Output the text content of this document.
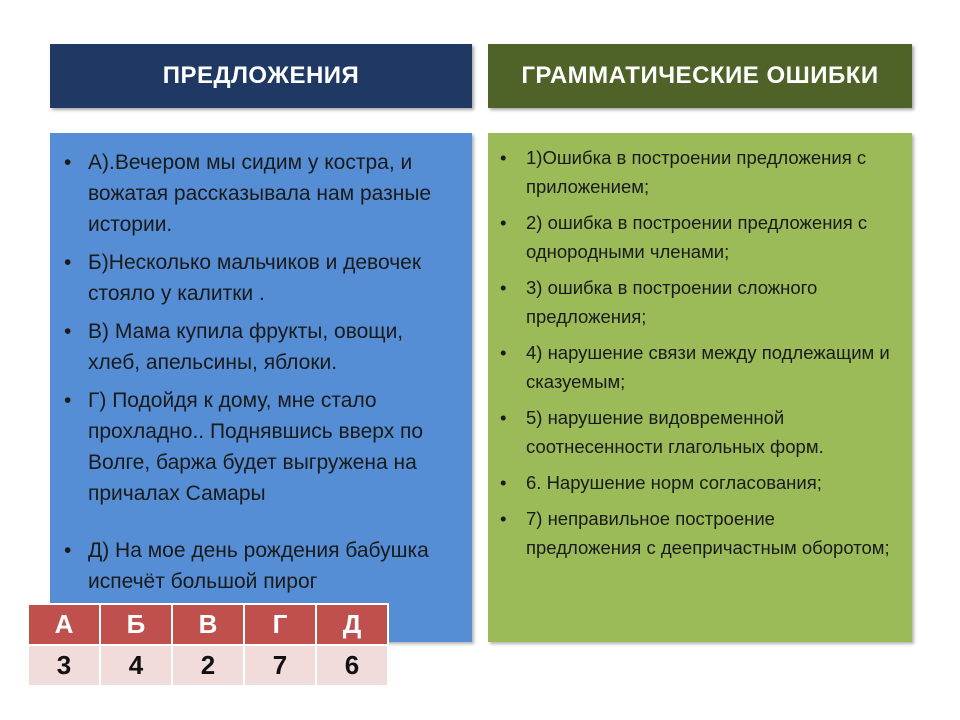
ПРЕДЛОЖЕНИЯ	ГРАММАТИЧЕСКИЕ ОШИБКИ
• А).Вечером мы сидим у костра, и вожатая рассказывала нам разные истории.
• Б)Несколько мальчиков и девочек стояло у калитки .
• В) Мама купила фрукты, овощи, хлеб, апельсины, яблоки.
• Г) Подойдя к дому, мне стало прохладно.. Поднявшись вверх по Волге, баржа будет выгружена на причалах Самары
• Д) На мое день рождения бабушка испечёт большой пирог
• 1)Ошибка в построении предложения с приложением;
• 2) ошибка в построении предложения с однородными членами;
• 3) ошибка в построении сложного предложения;
• 4) нарушение связи между подлежащим и сказуемым;
• 5) нарушение видовременной соотнесенности глагольных форм.
• 6. Нарушение норм согласования;
• 7) неправильное построение предложения с деепричастным оборотом;
А	Б	В	Г	Д
3	4	2	7	6
